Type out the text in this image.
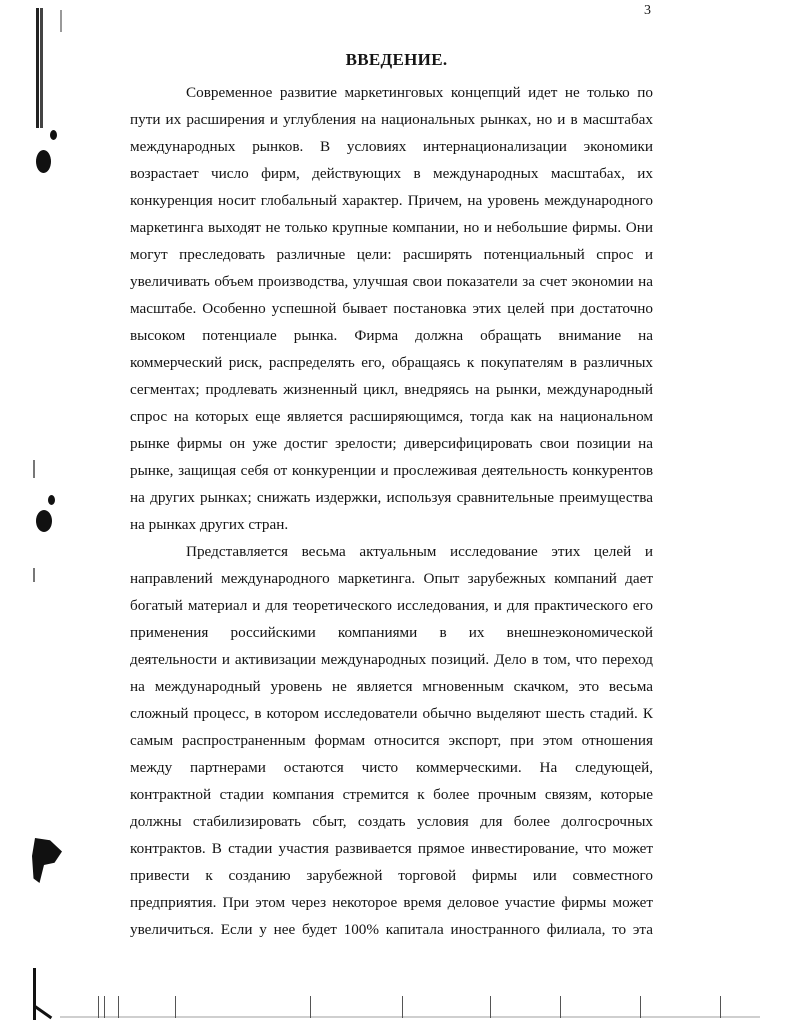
3
ВВЕДЕНИЕ.
Современное развитие маркетинговых концепций идет не только по
пути их расширения и углубления на национальных рынках, но и в масштабах
международных рынков. В условиях интернационализации экономики
возрастает число фирм, действующих в международных масштабах, их
конкуренция носит глобальный характер. Причем, на уровень международного
маркетинга выходят не только крупные компании, но и небольшие фирмы. Они
могут преследовать различные цели: расширять потенциальный спрос и
увеличивать объем производства, улучшая свои показатели за счет экономии на
масштабе. Особенно успешной бывает постановка этих целей при достаточно
высоком потенциале рынка. Фирма должна обращать внимание на
коммерческий риск, распределять его, обращаясь к покупателям в различных
сегментах; продлевать жизненный цикл, внедряясь на рынки, международный
спрос на которых еще является расширяющимся, тогда как на национальном
рынке фирмы он уже достиг зрелости; диверсифицировать свои позиции на
рынке, защищая себя от конкуренции и прослеживая деятельность конкурентов
на других рынках; снижать издержки, используя сравнительные преимущества
на рынках других стран.
Представляется весьма актуальным исследование этих целей и
направлений международного маркетинга. Опыт зарубежных компаний дает
богатый материал и для теоретического исследования, и для практического его
применения российскими компаниями в их внешнеэкономической
деятельности и активизации международных позиций. Дело в том, что переход
на международный уровень не является мгновенным скачком, это весьма
сложный процесс, в котором исследователи обычно выделяют шесть стадий. К
самым распространенным формам относится экспорт, при этом отношения
между партнерами остаются чисто коммерческими. На следующей,
контрактной стадии компания стремится к более прочным связям, которые
должны стабилизировать сбыт, создать условия для более долгосрочных
контрактов. В стадии участия развивается прямое инвестирование, что может
привести к созданию зарубежной торговой фирмы или совместного
предприятия. При этом через некоторое время деловое участие фирмы может
увеличиться. Если у нее будет 100% капитала иностранного филиала, то эта
